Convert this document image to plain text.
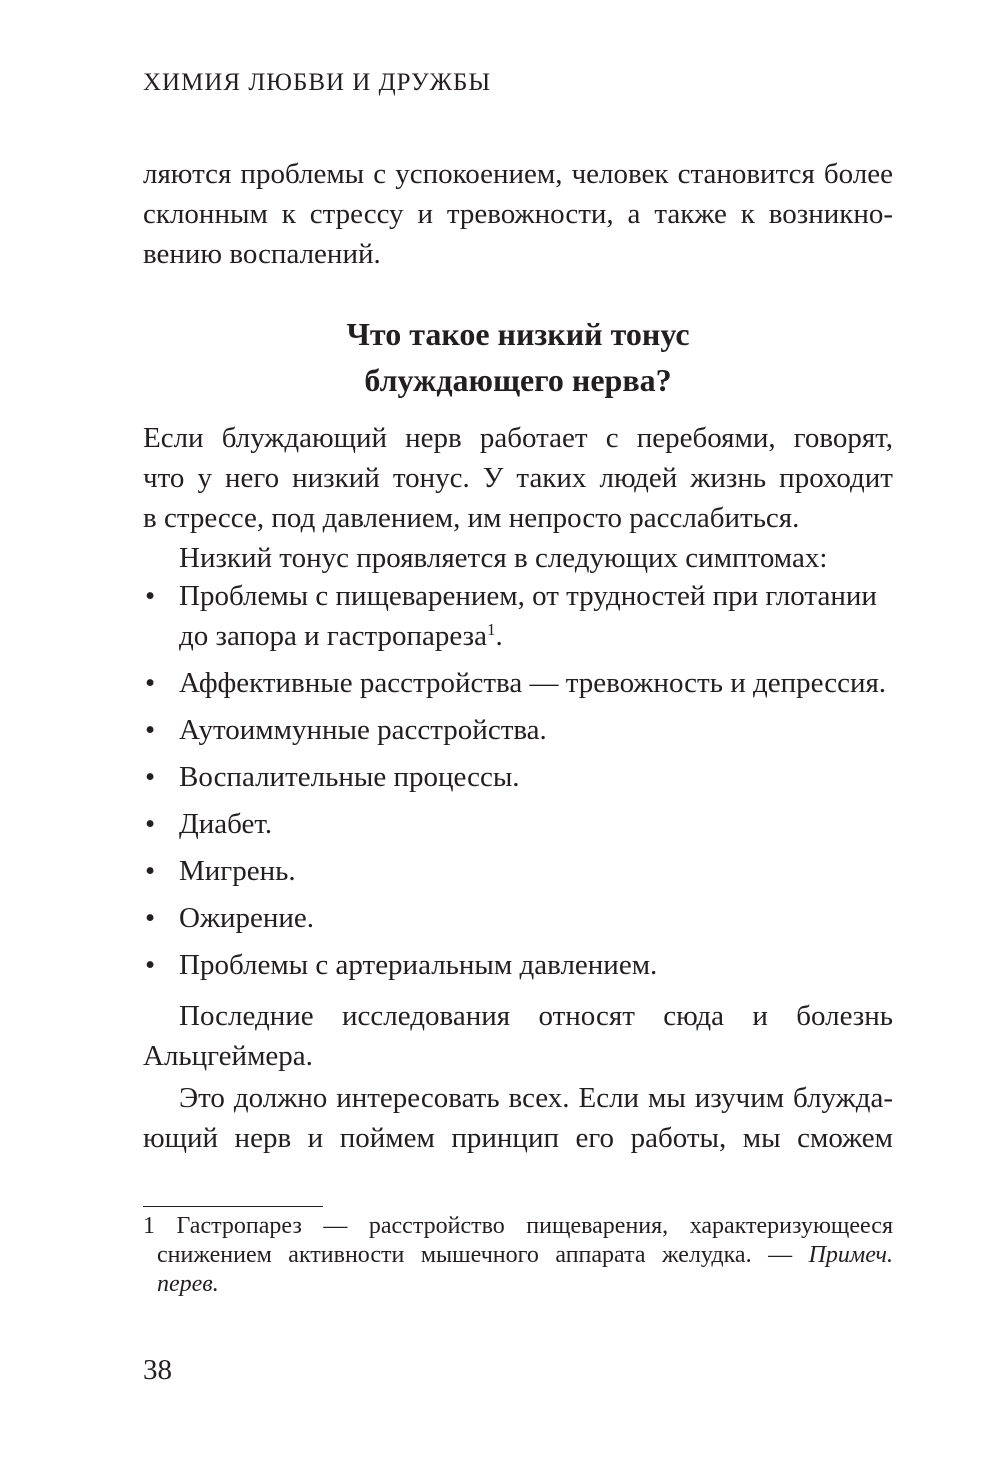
ХИМИЯ ЛЮБВИ И ДРУЖБЫ
ляются проблемы с успокоением, человек становится более
склонным к стрессу и тревожности, а также к возникно-
вению воспалений.
Что такое низкий тонус
блуждающего нерва?
Если блуждающий нерв работает с перебоями, говорят,
что у него низкий тонус. У таких людей жизнь проходит
в стрессе, под давлением, им непросто расслабиться.
Низкий тонус проявляется в следующих симптомах:
• Проблемы с пищеварением, от трудностей при глотании
до запора и гастропареза$^1$.
• Аффективные расстройства — тревожность и депрессия.
• Аутоиммунные расстройства.
• Воспалительные процессы.
• Диабет.
• Мигрень.
• Ожирение.
• Проблемы с артериальным давлением.
Последние исследования относят сюда и болезнь
Альцгеймера.
Это должно интересовать всех. Если мы изучим блужда-
ющий нерв и поймем принцип его работы, мы сможем
1 Гастропарез — расстройство пищеварения, характеризующееся
снижением активности мышечного аппарата желудка. — Примеч.
перев.
38
